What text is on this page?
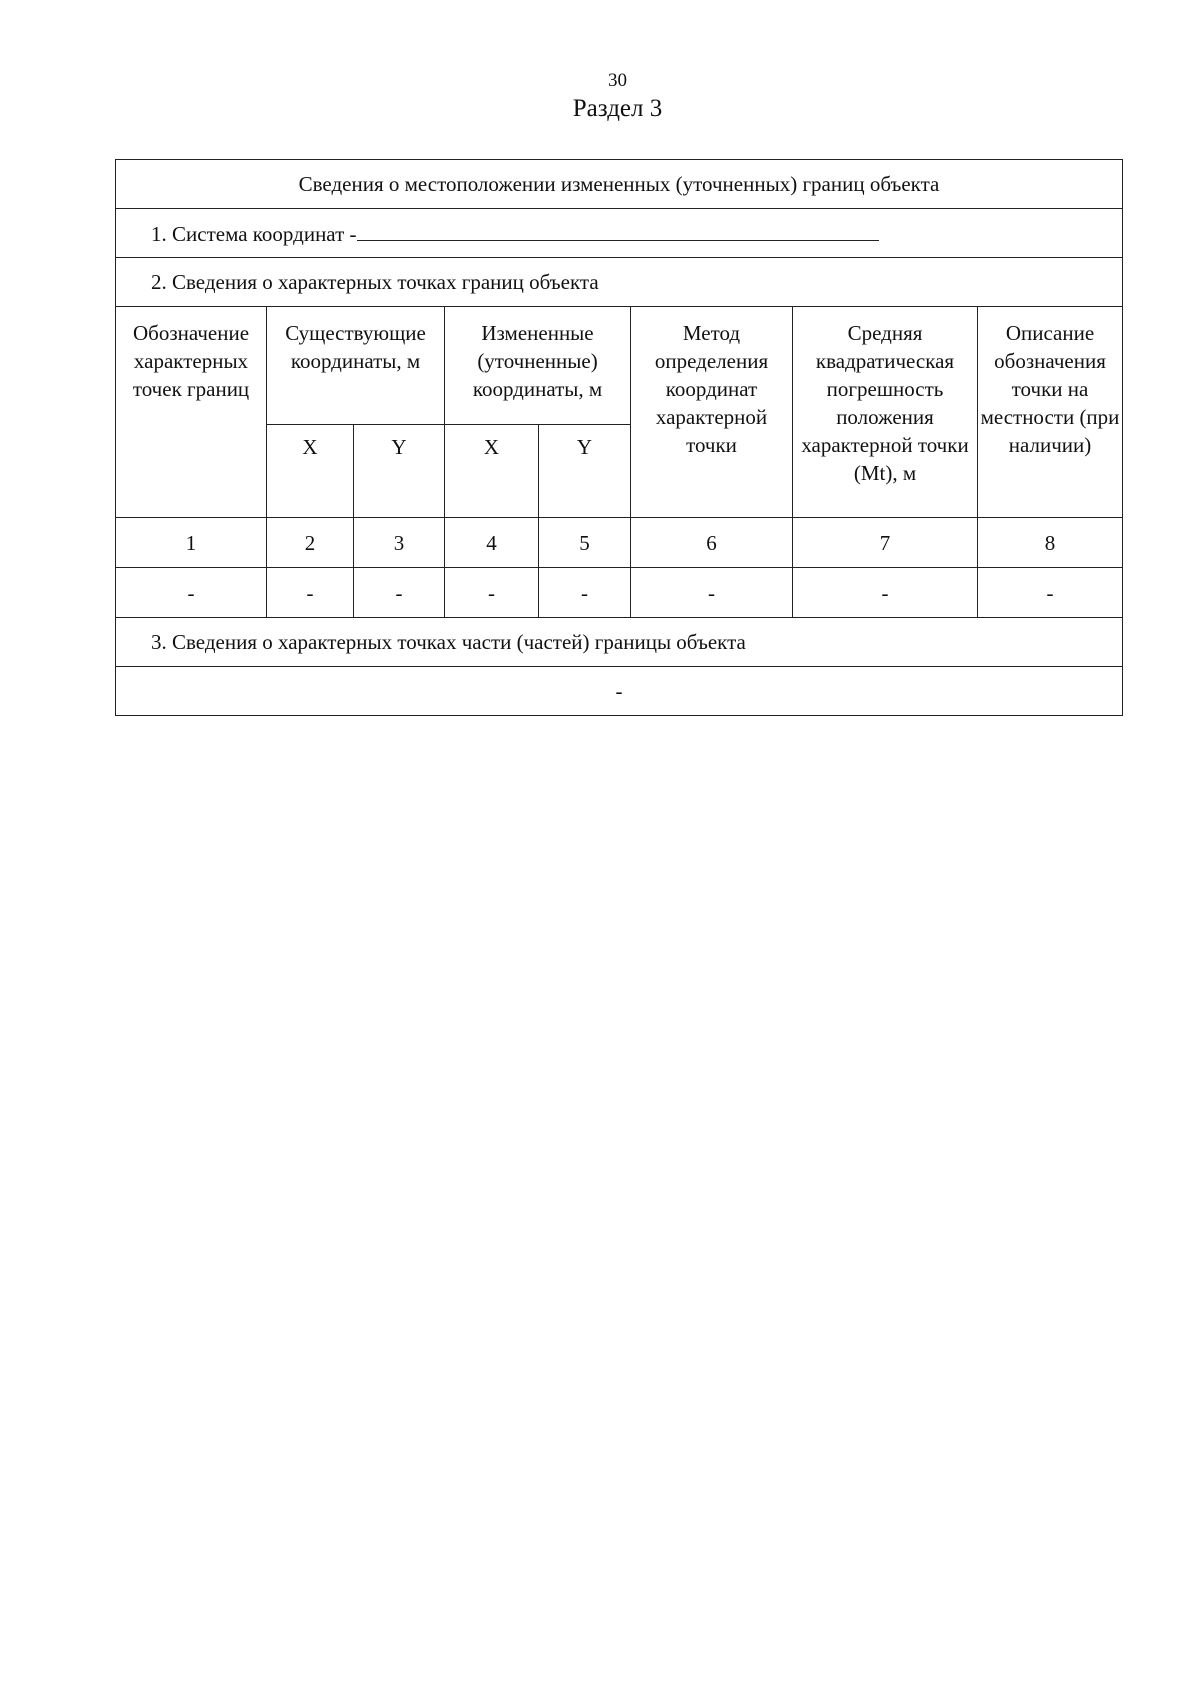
30
Раздел 3
Сведения о местоположении измененных (уточненных) границ объекта							
1. Система координат -							
2. Сведения о характерных точках границ объекта							
Обозначение характерных точек границ	Существующие координаты, м		Измененные (уточненные) координаты, м		Метод определения координат характерной точки	Средняя квадратическая погрешность положения характерной точки (Mt), м	Описание обозначения точки на местности (при наличии)
	X	Y	X	Y			
1	2	3	4	5	6	7	8
-	-	-	-	-	-	-	-
3. Сведения о характерных точках части (частей) границы объекта							
-							
